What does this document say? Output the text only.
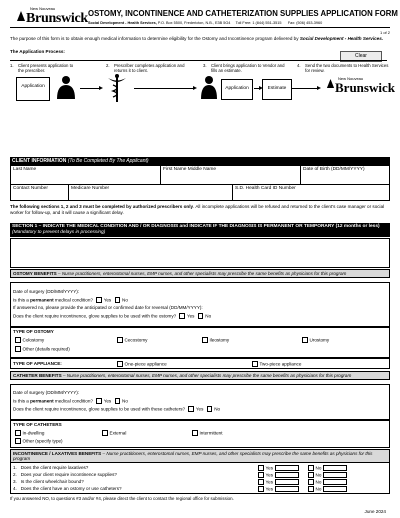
New Nouveau
Brunswick OSTOMY, INCONTINENCE AND CATHETERIZATION SUPPLIES APPLICATION FORM
Social Development - Health Services, P.O. Box 5500, Fredericton, N.B., E3B 5G4 Toll Free: 1 (844) 551-3515 Fax: (506) 453-3960
1 of 2
The purpose of this form is to obtain enough medical information to determine eligibility for the Ostomy and Incontinence program delivered by Social Development - Health Services.
The Application Process:
Clear
1. Client presents application to the prescriber.
2. Prescriber completes application and returns it to client.
3. Client brings application to Vendor and fills an estimate.
4. Send the two documents to Health Services for review.
Application	Application	Estimate
New Nouveau
Brunswick
CLIENT INFORMATION (To Be Completed By The Applicant)
Last Name	First Name Middle Name	Date of Birth (DD/MM/YYYY)
Contact Number	Medicare Number	S.D. Health Card ID Number
The following sections 1, 2 and 3 must be completed by authorized prescribers only. All incomplete applications will be refused and returned to the client's case manager or social worker for follow-up, and it will cause a significant delay.
SECTION 1 – INDICATE THE MEDICAL CONDITION AND / OR DIAGNOSIS and INDICATE IF THE DIAGNOSIS IS PERMANENT OR TEMPORARY (12 months or less) (Mandatory to prevent delays in processing)
OSTOMY BENEFITS – Nurse practitioners, enterostomal nurses, EMP nurses, and other specialists may prescribe the same benefits as physicians for this program
Date of surgery (DD/MM/YYYY):
Is this a permanent medical condition? Yes No
If answered no, please provide the anticipated or confirmed date for reversal (DD/MM/YYYY):
Does the client require incontinence, glove supplies to be used with the ostomy? Yes No
TYPE OF OSTOMY
Colostomy	Cecostomy	Ileostomy	Urostomy
Other (details required)
TYPE OF APPLIANCE:	One-piece appliance	Two-piece appliance
CATHETER BENEFITS – Nurse practitioners, enterostomal nurses, EMP nurses, and other specialists may prescribe the same benefits as physicians for this program
Date of surgery (DD/MM/YYYY):
Is this a permanent medical condition? Yes No
Does the client require incontinence, glove supplies to be used with these catheters? Yes No
TYPE OF CATHETERS
In-dwelling	External	Intermittent
Other (specify type)
INCONTINENCE / LAXATIVES BENEFITS – Nurse practitioners, enterostomal nurses, EMP nurses, and other specialists may prescribe the same benefits as physicians for this program
1. Does the client require laxatives?	Yes	No
2. Does your client require incontinence supplies?	Yes	No
3. Is the client wheelchair bound?	Yes	No
4. Does the client have an ostomy or use catheters?	Yes	No
If you answered NO, to questions #3 and/or #4, please direct the client to contact the regional office for submission.
June 2024
